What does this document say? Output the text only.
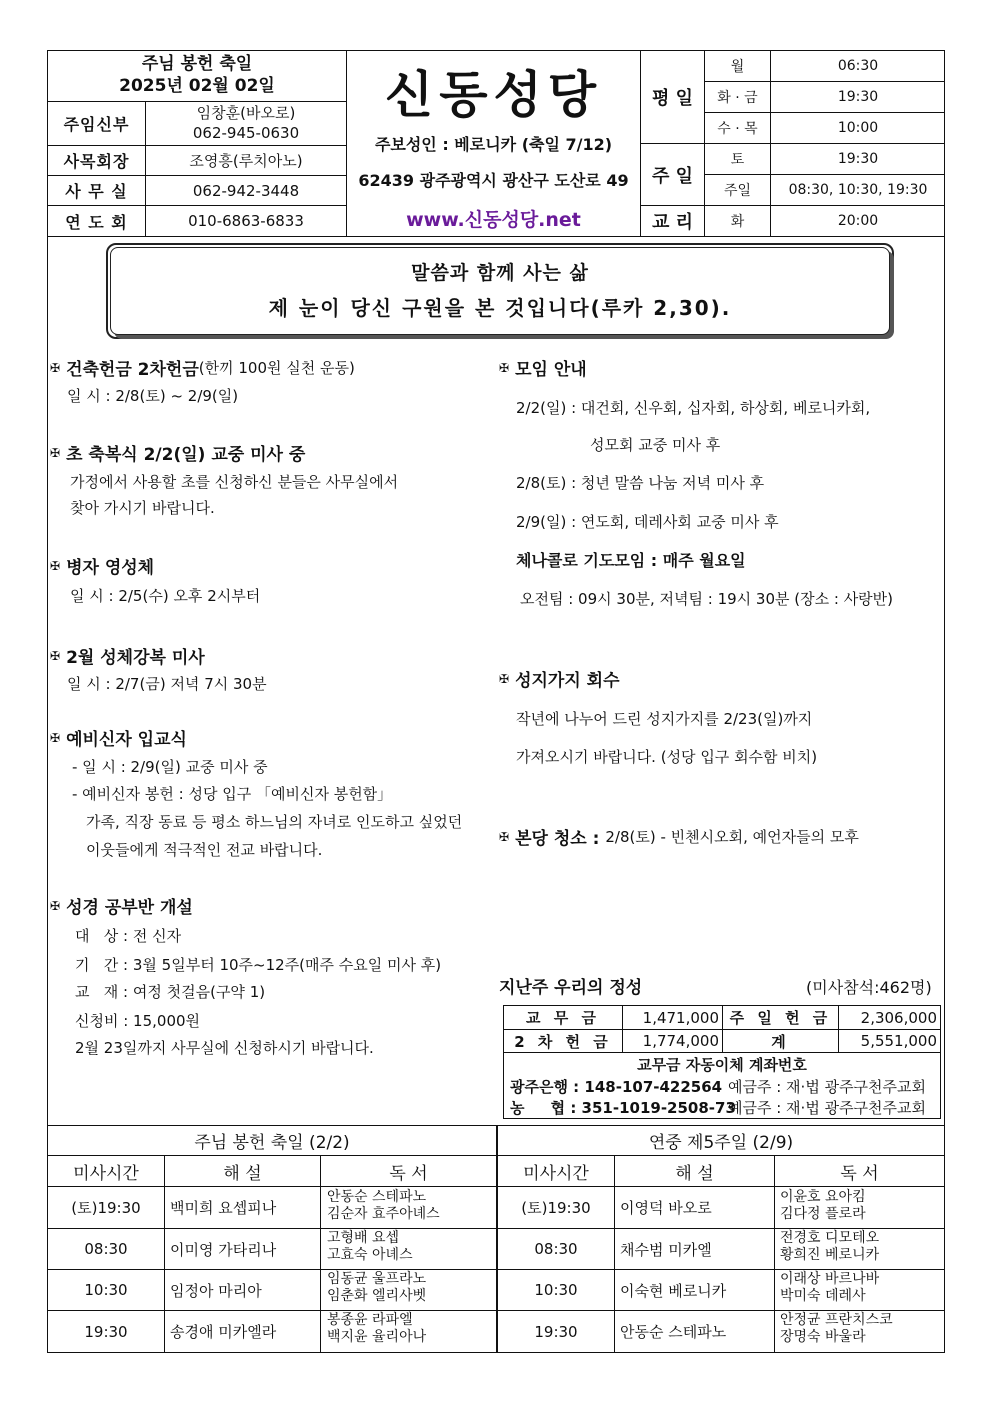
주님 봉헌 축일
2025년 02월 02일
주임신부
임창훈(바오로)
062-945-0630
사목회장	조영흥(루치아노)
사 무 실	062-942-3448
연 도 회	010-6863-6833
신동성당
주보성인 : 베로니카 (축일 7/12)
62439 광주광역시 광산구 도산로 49
www.신동성당.net
평 일
주 일
교 리
월	06:30
화 · 금	19:30
수 · 목	10:00
토	19:30
주일	08:30, 10:30, 19:30
화	20:00
말씀과 함께 사는 삶
제 눈이 당신 구원을 본 것입니다(루카 2,30).
✠ 건축헌금 2차헌금 (한끼 100원 실천 운동)
일 시 : 2/8(토) ~ 2/9(일)
✠ 초 축복식 2/2(일) 교중 미사 중
가정에서 사용할 초를 신청하신 분들은 사무실에서
찾아 가시기 바랍니다.
✠ 병자 영성체
일 시 : 2/5(수) 오후 2시부터
✠ 2월 성체강복 미사
일 시 : 2/7(금) 저녁 7시 30분
✠ 예비신자 입교식
- 일 시 : 2/9(일) 교중 미사 중
- 예비신자 봉헌 : 성당 입구 「예비신자 봉헌함」
가족, 직장 동료 등 평소 하느님의 자녀로 인도하고 싶었던
이웃들에게 적극적인 전교 바랍니다.
✠ 성경 공부반 개설
대   상 : 전 신자
기   간 : 3월 5일부터 10주~12주(매주 수요일 미사 후)
교   재 : 여정 첫걸음(구약 1)
신청비 : 15,000원
2월 23일까지 사무실에 신청하시기 바랍니다.
✠ 모임 안내
2/2(일) : 대건회, 신우회, 십자회, 하상회, 베로니카회,
성모회 교중 미사 후
2/8(토) : 청년 말씀 나눔 저녁 미사 후
2/9(일) : 연도회, 데레사회 교중 미사 후
체나콜로 기도모임 : 매주 월요일
오전팀 : 09시 30분, 저녁팀 : 19시 30분 (장소 : 사랑반)
✠ 성지가지 회수
작년에 나누어 드린 성지가지를 2/23(일)까지
가져오시기 바랍니다. (성당 입구 회수함 비치)
✠ 본당 청소 : 2/8(토) - 빈첸시오회, 예언자들의 모후
지난주 우리의 정성	(미사참석:462명)
교 무 금	1,471,000 주 일 헌 금	2,306,000
2 차 헌 금	1,774,000	계	5,551,000
교무금 자동이체 계좌번호
광주은행 : 148-107-422564 예금주 : 재·법 광주구천주교회
농     협 : 351-1019-2508-73
예금주 : 재·법 광주구천주교회
주님 봉헌 축일 (2/2)	연중 제5주일 (2/9)
미사시간	해 설	독 서	미사시간	해 설	독 서
(토)19:30	백미희 요셉피나
안동순 스테파노
김순자 효주아녜스
08:30	이미영 가타리나
고형배 요셉
고효숙 아녜스
10:30	임정아 마리아
임동균 울프라노
임춘화 엘리사벳
19:30	송경애 미카엘라
봉종윤 라파엘
백지윤 율리아나
(토)19:30	이영덕 바오로
이윤호 요아킴
김다정 플로라
08:30	채수범 미카엘
전경호 디모테오
황희진 베로니카
10:30	이숙현 베로니카
이래상 바르나바
박미숙 데레사
19:30	안동순 스테파노
안정균 프란치스코
장명숙 바울라
